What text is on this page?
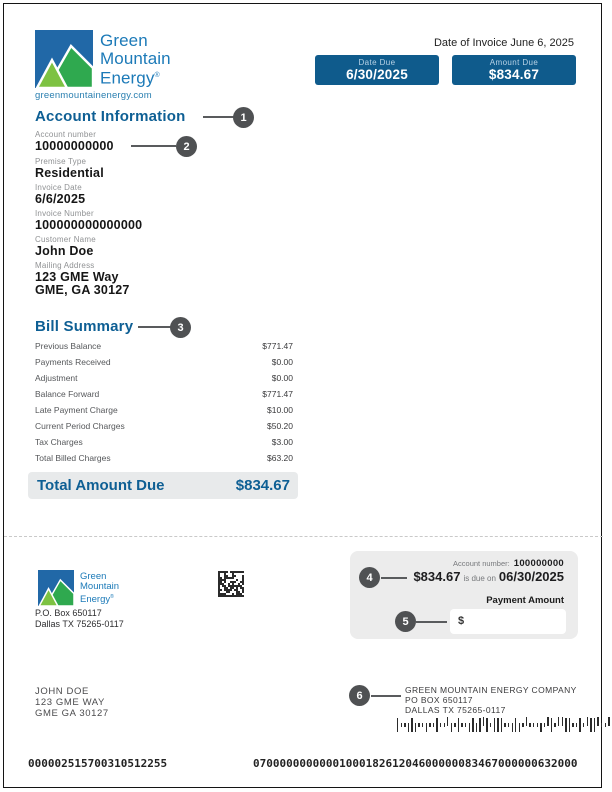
Green
Mountain
Energy®
greenmountainenergy.com
Date of Invoice June 6, 2025
Date Due
6/30/2025
Amount Due
$834.67
Account Information	1
Account number
10000000000	2
Premise Type
Residential
Invoice Date
6/6/2025
Invoice Number
100000000000000
Customer Name
John Doe
Mailing Address
123 GME Way
GME, GA 30127
Bill Summary	3
Previous Balance	$771.47
Payments Received	$0.00
Adjustment	$0.00
Balance Forward	$771.47
Late Payment Charge	$10.00
Current Period Charges	$50.20
Tax Charges	$3.00
Total Billed Charges	$63.20
Total Amount Due	$834.67
Green
Mountain
Energy®
P.O. Box 650117
Dallas TX 75265-0117
Account number: 100000000
$834.67 is due on 06/30/2025
4
Payment Amount
$
5
JOHN DOE
123 GME WAY
GME GA 30127
6	GREEN MOUNTAIN ENERGY COMPANY
PO BOX 650117
DALLAS TX 75265-0117
000002515700310512255	0700000000000100018261204600000083467000000632000
